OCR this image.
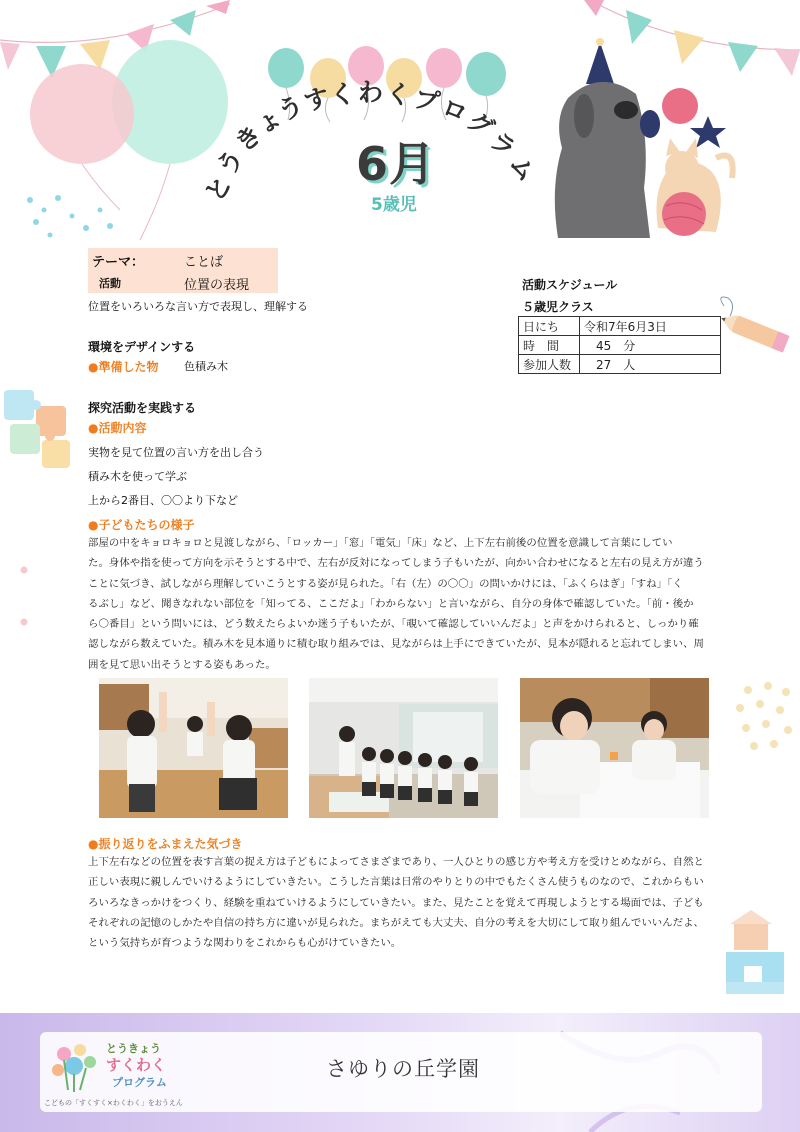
と
う
き
ょ
う
す
く わ く
プ
ロ
グ
ラ
ム
6月
5歳児
テーマ：	ことば
活動	位置の表現
位置をいろいろな言い方で表現し、理解する
活動スケジュール
５歳児クラス
日にち	令和7年6月3日
時　間	　45　分
参加人数	　27　人
環境をデザインする
●準備した物 色積み木
探究活動を実践する
●活動内容
実物を見て位置の言い方を出し合う
積み木を使って学ぶ
上から2番目、〇〇より下など
●子どもたちの様子
部屋の中をキョロキョロと見渡しながら、「ロッカー」「窓」「電気」「床」など、上下左右前後の位置を意識して言葉にしてい
た。身体や指を使って方向を示そうとする中で、左右が反対になってしまう子もいたが、向かい合わせになると左右の見え方が違う
ことに気づき、試しながら理解していこうとする姿が見られた。「右（左）の〇〇」の問いかけには、「ふくらはぎ」「すね」「く
るぶし」など、聞きなれない部位を「知ってる、ここだよ」「わからない」と言いながら、自分の身体で確認していた。「前・後か
ら〇番目」という問いには、どう数えたらよいか迷う子もいたが、「覗いて確認していいんだよ」と声をかけられると、しっかり確
認しながら数えていた。積み木を見本通りに積む取り組みでは、見ながらは上手にできていたが、見本が隠れると忘れてしまい、周
囲を見て思い出そうとする姿もあった。
●振り返りをふまえた気づき
上下左右などの位置を表す言葉の捉え方は子どもによってさまざまであり、一人ひとりの感じ方や考え方を受けとめながら、自然と
正しい表現に親しんでいけるようにしていきたい。こうした言葉は日常のやりとりの中でもたくさん使うものなので、これからもい
ろいろなきっかけをつくり、経験を重ねていけるようにしていきたい。また、見たことを覚えて再現しようとする場面では、子ども
それぞれの記憶のしかたや自信の持ち方に違いが見られた。まちがえても大丈夫、自分の考えを大切にして取り組んでいいんだよ、
という気持ちが育つような関わりをこれからも心がけていきたい。
とうきょう
すくわく
プログラム
こどもの「すくすく×わくわく」をおうえん
さゆりの丘学園
